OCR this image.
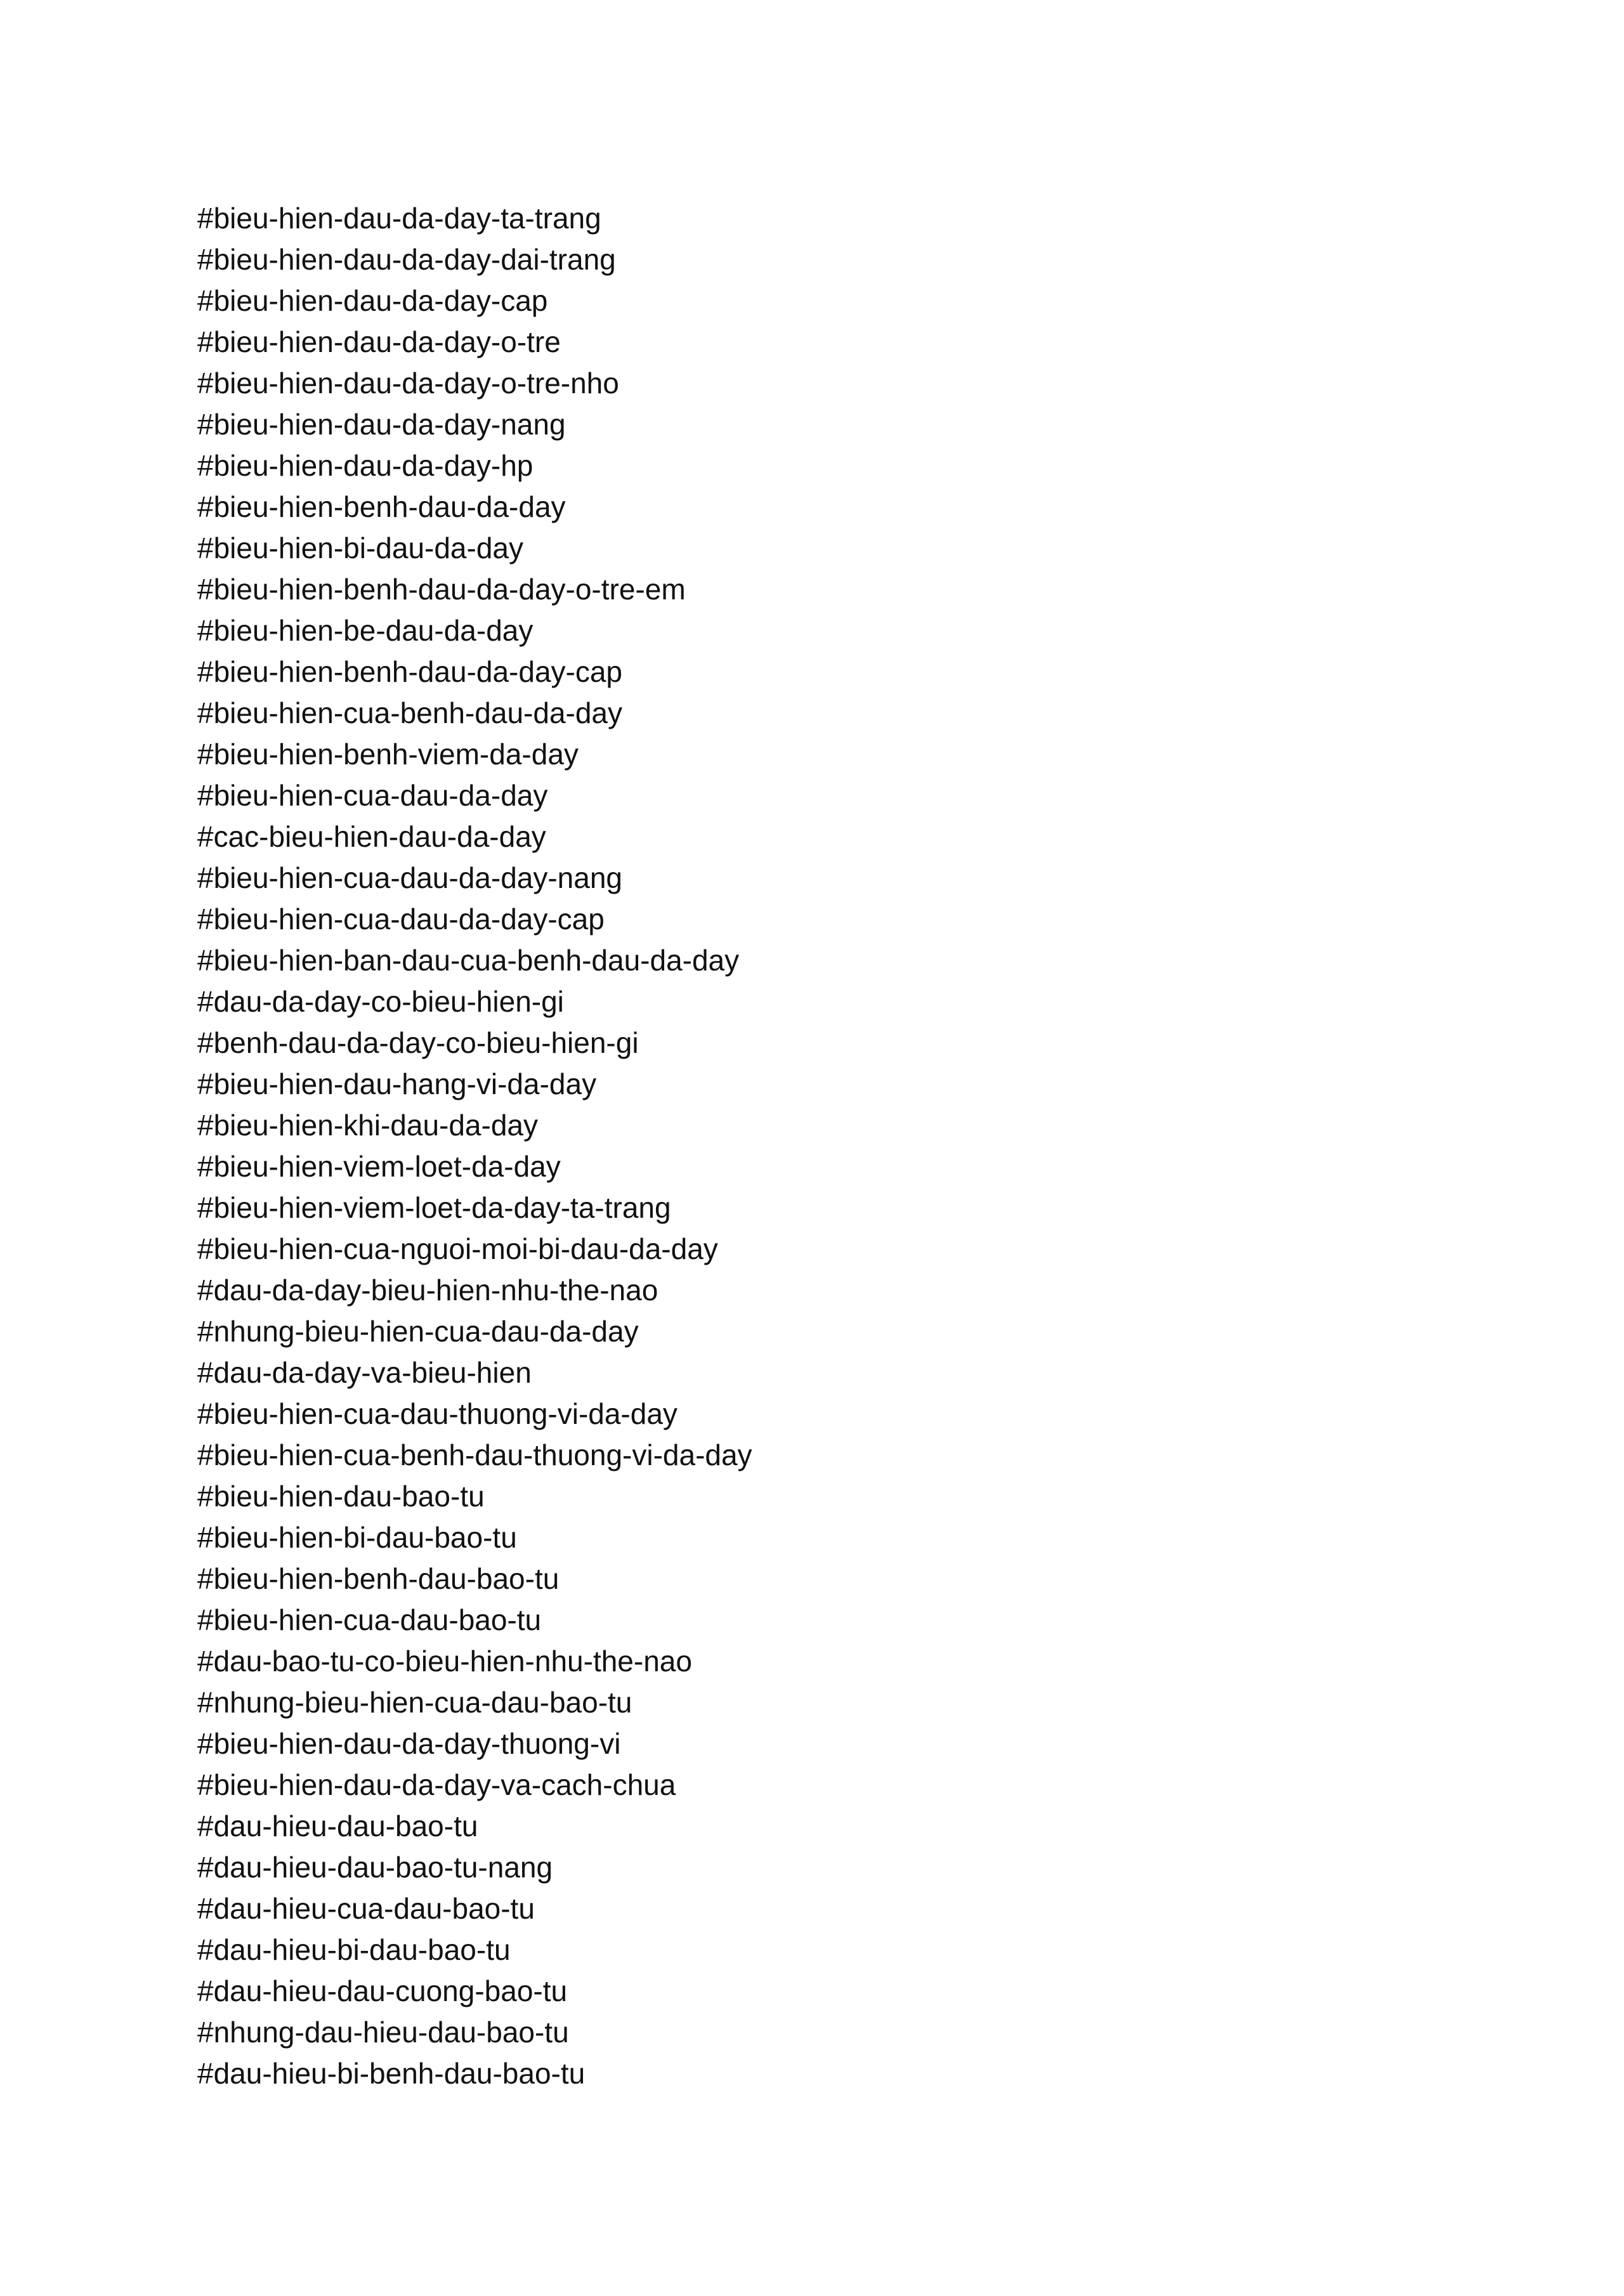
#bieu-hien-dau-da-day-ta-trang
#bieu-hien-dau-da-day-dai-trang
#bieu-hien-dau-da-day-cap
#bieu-hien-dau-da-day-o-tre
#bieu-hien-dau-da-day-o-tre-nho
#bieu-hien-dau-da-day-nang
#bieu-hien-dau-da-day-hp
#bieu-hien-benh-dau-da-day
#bieu-hien-bi-dau-da-day
#bieu-hien-benh-dau-da-day-o-tre-em
#bieu-hien-be-dau-da-day
#bieu-hien-benh-dau-da-day-cap
#bieu-hien-cua-benh-dau-da-day
#bieu-hien-benh-viem-da-day
#bieu-hien-cua-dau-da-day
#cac-bieu-hien-dau-da-day
#bieu-hien-cua-dau-da-day-nang
#bieu-hien-cua-dau-da-day-cap
#bieu-hien-ban-dau-cua-benh-dau-da-day
#dau-da-day-co-bieu-hien-gi
#benh-dau-da-day-co-bieu-hien-gi
#bieu-hien-dau-hang-vi-da-day
#bieu-hien-khi-dau-da-day
#bieu-hien-viem-loet-da-day
#bieu-hien-viem-loet-da-day-ta-trang
#bieu-hien-cua-nguoi-moi-bi-dau-da-day
#dau-da-day-bieu-hien-nhu-the-nao
#nhung-bieu-hien-cua-dau-da-day
#dau-da-day-va-bieu-hien
#bieu-hien-cua-dau-thuong-vi-da-day
#bieu-hien-cua-benh-dau-thuong-vi-da-day
#bieu-hien-dau-bao-tu
#bieu-hien-bi-dau-bao-tu
#bieu-hien-benh-dau-bao-tu
#bieu-hien-cua-dau-bao-tu
#dau-bao-tu-co-bieu-hien-nhu-the-nao
#nhung-bieu-hien-cua-dau-bao-tu
#bieu-hien-dau-da-day-thuong-vi
#bieu-hien-dau-da-day-va-cach-chua
#dau-hieu-dau-bao-tu
#dau-hieu-dau-bao-tu-nang
#dau-hieu-cua-dau-bao-tu
#dau-hieu-bi-dau-bao-tu
#dau-hieu-dau-cuong-bao-tu
#nhung-dau-hieu-dau-bao-tu
#dau-hieu-bi-benh-dau-bao-tu
